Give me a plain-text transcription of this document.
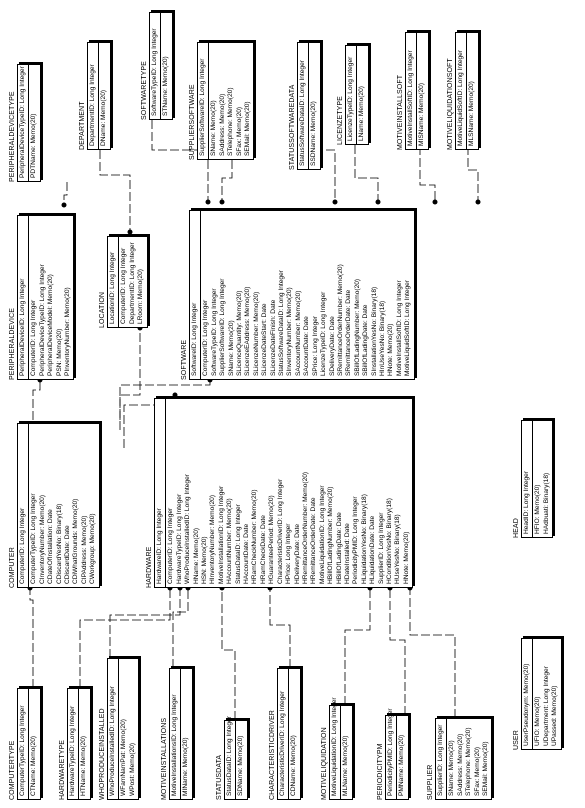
PERIPHERALDEVICETYPE PeripheralDeviceTypeID: Long Integer PDTName: Memo(20)	DEPARTMENT DepartmentID: Long Integer DName: Memo(20)	SOFTWARETYPE SoftwareTypeID: Long Integer STName: Memo(20)	SUPPLIERSOFTWARE SupplierSoftwareID: Long Integer SName: Memo(20) SAddress: Memo(20) STelephone: Memo(20) SFax: Memo(20) SEMail: Memo(20)	STATUSSOFTWAREDATA StatusSoftwareDataID: Long Integer SSDName: Memo(20)	LICENZETYPE LicenzeTypeID: Long Integer LName: Memo(20)	MOTIVEINSTALLSOFT MotiveInstallSoftID: Long Integer MISName: Memo(20)	MOTIVELIQUIDATIONSOFT MotiveLiquidSoftID: Long Integer MLSName: Memo(20)
PERIPHERALDEVICE PeripheralDeviceID: Long Integer ComputerID: Long Integer PeripheralDeviceTypeID: Long Integer PeripheralDeviceModel: Memo(20) PSN: Memo(20) PInventoryNumber: Memo(20)	LOCATION LocationID: Long Integer ComputerID: Long Integer DepartmentID: Long Integer LRoom: Memo(20)
SOFTWARE SoftwareID: Long Integer ComputerID: Long Integer SoftwareTypeID: Long Integer SupplierSoftwareID: Long Integer SName: Memo(20) SLicenceQuantity: Memo(20) SLicenzeEAddress: Memo(20) SLicenzeNumber: Memo(20) SLicenzeDateStart: Date SLicenzeDateFinish: Date StatusSoftwareDataID: Long Integer SInventoryNumber: Memo(20) SAccountNumber: Memo(20) SAccountDate: Date SPrice: Long Integer LicenzeTypeID: Long Integer SDeliveryDate: Date SRemittanceOrderNumber: Memo(20) SRemittanceOrderDate: Date SBillOfLadingNumber: Memo(20) SBillOfLadingDate: Date SInstallationYesNo: Binary(18) HInUseYesNo: Binary(18) HNote: Memo(20) MotiveInstallSoftID: Long Integer MotiveLiquidSoftID: Long Integer
COMPUTER ComputerID: Long Integer ComputerTypeID: Long Integer CInventoryNumber: Memo(20) CDateOfInstallation: Date CDiscardYesNo: Binary(18) CDiscardDate: Date CDiWhatGrounds: Memo(20) CIPAddress: Memo(20) CWorkgroup: Memo(20)	HARDWARE HardwareID: Long Integer ComputerID: Long Integer HardwareTypeID: Long Integer WhoProduceInstalledID: Long Integer HName: Memo(20) HSN: Memo(20) HInventoryNumber: Memo(20) MotiveInstallationID: Long Integer HAccountNumber: Memo(20) StatusDataID: Long Integer HAccountDate: Date HRamCheckNumber: Memo(20) HRamCheckDate: Date HGuaranteePeriod: Memo(20) CharacteristicDriverID: Long Integer HPrice: Long Integer HDeliveryDate: Date HRemittanceOrderNumber: Memo(20) HRemittanceOrderDate: Date MotiveLiquidationID: Long Integer HBillOfLadingNumber: Memo(20) HBillOfLadingDate: Date HDateInstalled: Date PeriodicityPMID: Long Integer HLiquidationYesNo: Binary(18) HLiquidationDate: Date SupplierID: Long Integer HConditionYesNo: Binary(18) HUseYesNo: Binary(18) HNote: Memo(20)
HEAD HeadID: Long Integer HFIO: Memo(20) HAdbuati: Binary(18)
USER UserPseudonym: Memo(20) UFIO: Memo(20) UDepartment: Long Integer UPassed: Memo(20)
COMPUTERTYPE ComputerTypeID: Long Integer CTName: Memo(20)	HARDWARETYPE HardwareTypeID: Long Integer HTName: Memo(20) WHOPRODUCEINSTALLED WhoProduceInstalledID: Long Integer WFamNamPat: Memo(20) WPost: Memo(20)	MOTIVEINSTALLATIONS MotiveInstallationsID: Long Integer MIName: Memo(20)	STATUSDATA StatusDataID: Long Integer SDName: Memo(20)	CHARACTERISTICDRIVER CharacteristicDriverID: Long Integer CDName: Memo(20)	MOTIVELIQUIDATION MotiveLiquidationID: Long Integer MLName: Memo(20)	PERIODICITYPM PeriodicityPMID: Long Integer PMName: Memo(20)	SUPPLIER SupplierID: Long Integer SName: Memo(20) SAddress: Memo(20) STelephone: Memo(20) SFax: Memo(20) SEMail: Memo(20)
